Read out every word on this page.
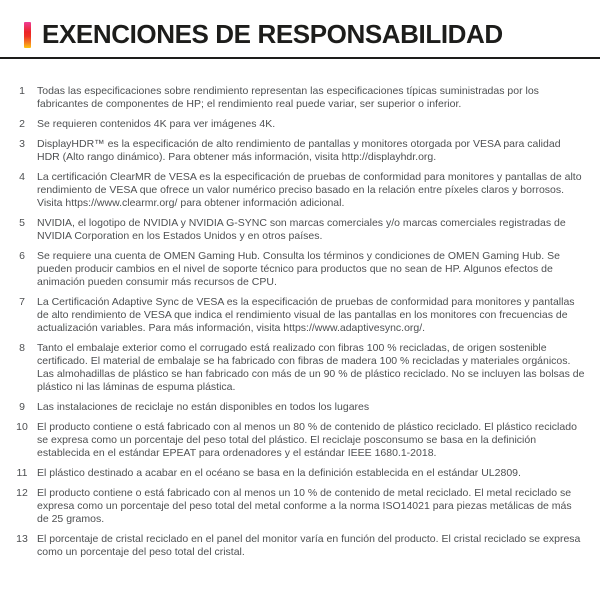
EXENCIONES DE RESPONSABILIDAD
1	Todas las especificaciones sobre rendimiento representan las especificaciones típicas suministradas por los fabricantes de componentes de HP; el rendimiento real puede variar, ser superior o inferior.
2	Se requieren contenidos 4K para ver imágenes 4K.
3	DisplayHDR™ es la especificación de alto rendimiento de pantallas y monitores otorgada por VESA para calidad HDR (Alto rango dinámico). Para obtener más información, visita http://displayhdr.org.
4	La certificación ClearMR de VESA es la especificación de pruebas de conformidad para monitores y pantallas de alto rendimiento de VESA que ofrece un valor numérico preciso basado en la relación entre píxeles claros y borrosos. Visita https://www.clearmr.org/ para obtener información adicional.
5	NVIDIA, el logotipo de NVIDIA y NVIDIA G-SYNC son marcas comerciales y/o marcas comerciales registradas de NVIDIA Corporation en los Estados Unidos y en otros países.
6	Se requiere una cuenta de OMEN Gaming Hub. Consulta los términos y condiciones de OMEN Gaming Hub. Se pueden producir cambios en el nivel de soporte técnico para productos que no sean de HP. Algunos efectos de animación pueden consumir más recursos de CPU.
7	La Certificación Adaptive Sync de VESA es la especificación de pruebas de conformidad para monitores y pantallas de alto rendimiento de VESA que indica el rendimiento visual de las pantallas en los monitores con frecuencias de actualización variables. Para más información, visita https://www.adaptivesync.org/.
8	Tanto el embalaje exterior como el corrugado está realizado con fibras 100 % recicladas, de origen sostenible certificado. El material de embalaje se ha fabricado con fibras de madera 100 % recicladas y materiales orgánicos. Las almohadillas de plástico se han fabricado con más de un 90 % de plástico reciclado. No se incluyen las bolsas de plástico ni las láminas de espuma plástica.
9	Las instalaciones de reciclaje no están disponibles en todos los lugares
10 El producto contiene o está fabricado con al menos un 80 % de contenido de plástico reciclado. El plástico reciclado se expresa como un porcentaje del peso total del plástico. El reciclaje posconsumo se basa en la definición establecida en el estándar EPEAT para ordenadores y el estándar IEEE 1680.1-2018.
11 El plástico destinado a acabar en el océano se basa en la definición establecida en el estándar UL2809.
12 El producto contiene o está fabricado con al menos un 10 % de contenido de metal reciclado. El metal reciclado se expresa como un porcentaje del peso total del metal conforme a la norma ISO14021 para piezas metálicas de más de 25 gramos.
13 El porcentaje de cristal reciclado en el panel del monitor varía en función del producto. El cristal reciclado se expresa como un porcentaje del peso total del cristal.
